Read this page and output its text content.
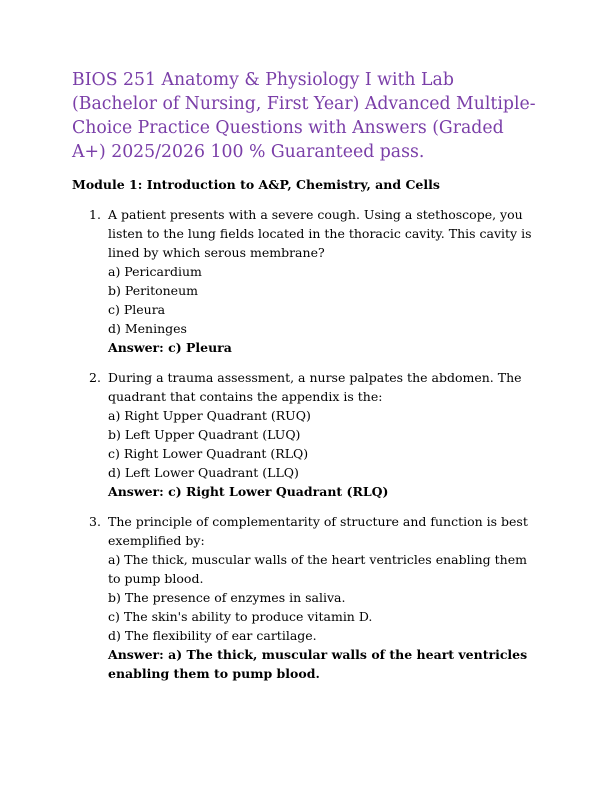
BIOS 251 Anatomy & Physiology I with Lab (Bachelor of Nursing, First Year) Advanced Multiple-Choice Practice Questions with Answers (Graded A+) 2025/2026 100 % Guaranteed pass.
Module 1: Introduction to A&P, Chemistry, and Cells
1. A patient presents with a severe cough. Using a stethoscope, you listen to the lung fields located in the thoracic cavity. This cavity is lined by which serous membrane?
a) Pericardium
b) Peritoneum
c) Pleura
d) Meninges
Answer: c) Pleura
2. During a trauma assessment, a nurse palpates the abdomen. The quadrant that contains the appendix is the:
a) Right Upper Quadrant (RUQ)
b) Left Upper Quadrant (LUQ)
c) Right Lower Quadrant (RLQ)
d) Left Lower Quadrant (LLQ)
Answer: c) Right Lower Quadrant (RLQ)
3. The principle of complementarity of structure and function is best exemplified by:
a) The thick, muscular walls of the heart ventricles enabling them to pump blood.
b) The presence of enzymes in saliva.
c) The skin's ability to produce vitamin D.
d) The flexibility of ear cartilage.
Answer: a) The thick, muscular walls of the heart ventricles enabling them to pump blood.
